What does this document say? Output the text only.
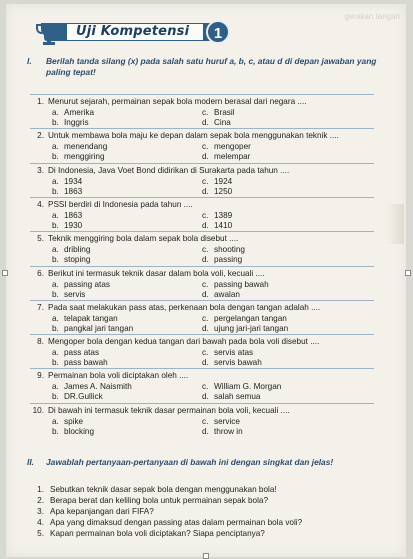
Uji Kompetensi	1
gerakan tangan
I. Berilah tanda silang (x) pada salah satu huruf a, b, c, atau d di depan jawaban yang paling tepat!
1. Menurut sejarah, permainan sepak bola modern berasal dari negara ....
a. Amerika	c. Brasil
b. Inggris	d. Cina
2. Untuk membawa bola maju ke depan dalam sepak bola menggunakan teknik ....
a. menendang	c. mengoper
b. menggiring	d. melempar
3. Di Indonesia, Java Voet Bond didirikan di Surakarta pada tahun ....
a. 1934	c. 1924
b. 1863	d. 1250
4. PSSI berdiri di Indonesia pada tahun ....
a. 1863	c. 1389
b. 1930	d. 1410
5. Teknik menggiring bola dalam sepak bola disebut ....
a. dribling	c. shooting
b. stoping	d. passing
6. Berikut ini termasuk teknik dasar dalam bola voli, kecuali ....
a. passing atas	c. passing bawah
b. servis	d. awalan
7. Pada saat melakukan pass atas, perkenaan bola dengan tangan adalah ....
a. telapak tangan	c. pergelangan tangan
b. pangkal jari tangan	d. ujung jari-jari tangan
8. Mengoper bola dengan kedua tangan dari bawah pada bola voli disebut ....
a. pass atas	c. servis atas
b. pass bawah	d. servis bawah
9. Permainan bola voli diciptakan oleh ....
a. James A. Naismith	c. William G. Morgan
b. DR.Gullick	d. salah semua
10. Di bawah ini termasuk teknik dasar permainan bola voli, kecuali ....
a. spike	c. service
b. blocking	d. throw in
II. Jawablah pertanyaan-pertanyaan di bawah ini dengan singkat dan jelas!
1. Sebutkan teknik dasar sepak bola dengan menggunakan bola!
2. Berapa berat dan keliling bola untuk permainan sepak bola?
3. Apa kepanjangan dari FIFA?
4. Apa yang dimaksud dengan passing atas dalam permainan bola voli?
5. Kapan permainan bola voli diciptakan? Siapa penciptanya?
